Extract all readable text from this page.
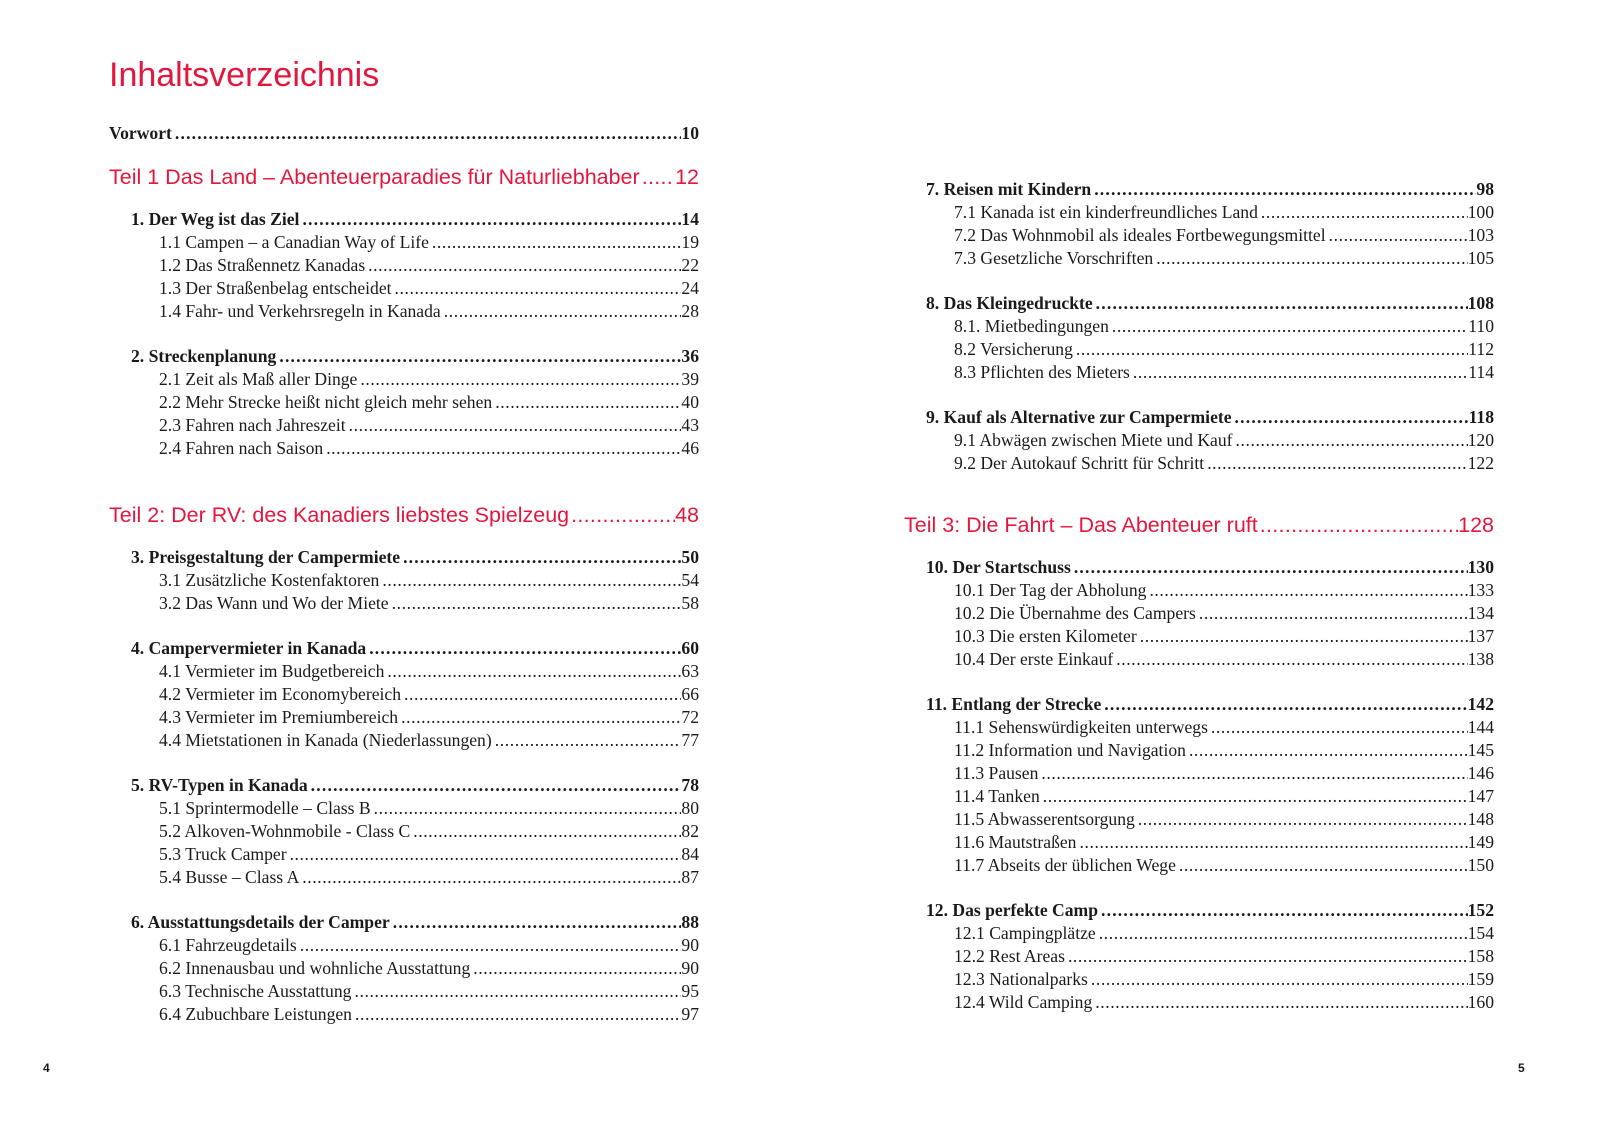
Inhaltsverzeichnis
Vorwort .....	10
Teil 1 Das Land – Abenteuerparadies für Naturliebhaber ..... 12
1. Der Weg ist das Ziel .....	14
1.1 Campen – a Canadian Way of Life .....	19
1.2 Das Straßennetz Kanadas .....	22
1.3 Der Straßenbelag entscheidet .....	24
1.4 Fahr- und Verkehrsregeln in Kanada .....	28
2. Streckenplanung .....	36
2.1 Zeit als Maß aller Dinge .....	39
2.2 Mehr Strecke heißt nicht gleich mehr sehen .....	40
2.3 Fahren nach Jahreszeit .....	43
2.4 Fahren nach Saison .....	46
Teil 2: Der RV: des Kanadiers liebstes Spielzeug .....	48
3. Preisgestaltung der Campermiete .....	50
3.1 Zusätzliche Kostenfaktoren .....	54
3.2 Das Wann und Wo der Miete .....	58
4. Campervermieter in Kanada .....	60
4.1 Vermieter im Budgetbereich .....	63
4.2 Vermieter im Economybereich .....	66
4.3 Vermieter im Premiumbereich .....	72
4.4 Mietstationen in Kanada (Niederlassungen) .....	77
5. RV-Typen in Kanada .....	78
5.1 Sprintermodelle – Class B .....	80
5.2 Alkoven-Wohnmobile - Class C .....	82
5.3 Truck Camper .....	84
5.4 Busse – Class A .....	87
6. Ausstattungsdetails der Camper .....	88
6.1 Fahrzeugdetails .....	90
6.2 Innenausbau und wohnliche Ausstattung .....	90
6.3 Technische Ausstattung .....	95
6.4 Zubuchbare Leistungen .....	97
4
7. Reisen mit Kindern .....	98
7.1 Kanada ist ein kinderfreundliches Land .....	100
7.2 Das Wohnmobil als ideales Fortbewegungsmittel .....	103
7.3 Gesetzliche Vorschriften .....	105
8. Das Kleingedruckte .....	108
8.1. Mietbedingungen .....	110
8.2 Versicherung .....	112
8.3 Pflichten des Mieters .....	114
9. Kauf als Alternative zur Campermiete .....	118
9.1 Abwägen zwischen Miete und Kauf .....	120
9.2 Der Autokauf Schritt für Schritt .....	122
Teil 3: Die Fahrt – Das Abenteuer ruft .....	128
10. Der Startschuss .....	130
10.1 Der Tag der Abholung .....	133
10.2 Die Übernahme des Campers .....	134
10.3 Die ersten Kilometer .....	137
10.4 Der erste Einkauf .....	138
11. Entlang der Strecke .....	142
11.1 Sehenswürdigkeiten unterwegs .....	144
11.2 Information und Navigation .....	145
11.3 Pausen .....	146
11.4 Tanken .....	147
11.5 Abwasserentsorgung .....	148
11.6 Mautstraßen .....	149
11.7 Abseits der üblichen Wege .....	150
12. Das perfekte Camp .....	152
12.1 Campingplätze .....	154
12.2 Rest Areas .....	158
12.3 Nationalparks .....	159
12.4 Wild Camping .....	160
5
